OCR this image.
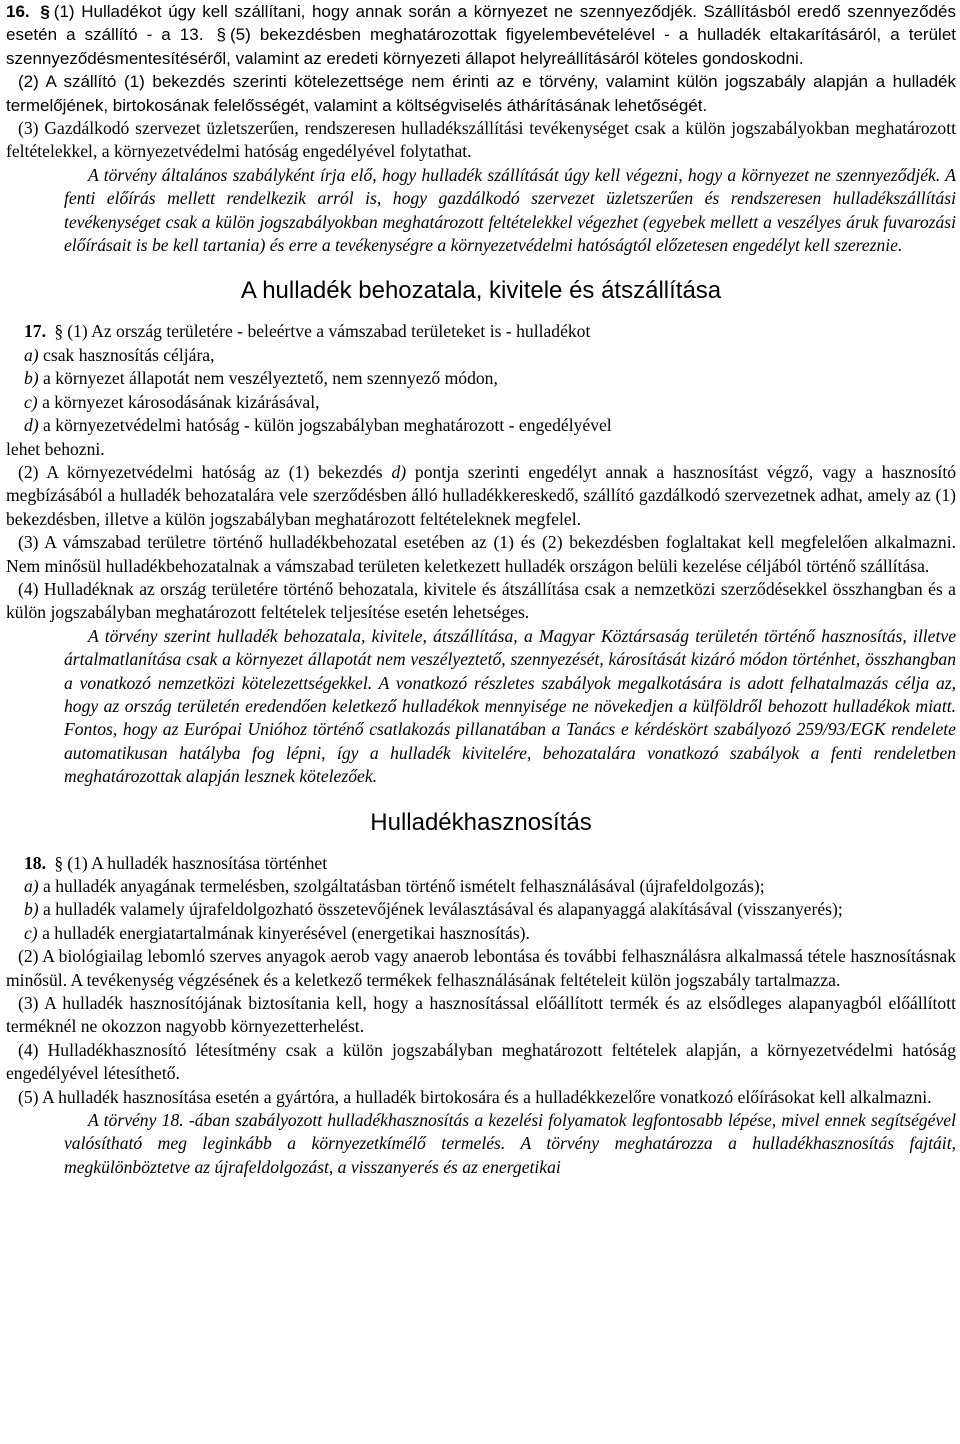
16. § (1) Hulladékot úgy kell szállítani, hogy annak során a környezet ne szennyeződjék. Szállításból eredő szennyeződés esetén a szállító - a 13. § (5) bekezdésben meghatározottak figyelembevételével - a hulladék eltakarításáról, a terület szennyeződésmentesítéséről, valamint az eredeti környezeti állapot helyreállításáról köteles gondoskodni.

(2) A szállító (1) bekezdés szerinti kötelezettsége nem érinti az e törvény, valamint külön jogszabály alapján a hulladék termelőjének, birtokosának felelősségét, valamint a költségviselés áthárításának lehetőségét.

(3) Gazdálkodó szervezet üzletszerűen, rendszeresen hulladékszállítási tevékenységet csak a külön jogszabályokban meghatározott feltételekkel, a környezetvédelmi hatóság engedélyével folytathat.

A törvény általános szabályként írja elő, hogy hulladék szállítását úgy kell végezni, hogy a környezet ne szennyeződjék. A fenti előírás mellett rendelkezik arról is, hogy gazdálkodó szervezet üzletszerűen és rendszeresen hulladékszállítási tevékenységet csak a külön jogszabályokban meghatározott feltételekkel végezhet (egyebek mellett a veszélyes áruk fuvarozási előírásait is be kell tartania) és erre a tevékenységre a környezetvédelmi hatóságtól előzetesen engedélyt kell szereznie.

A hulladék behozatala, kivitele és átszállítása

17. § (1) Az ország területére - beleértve a vámszabad területeket is - hulladékot

a) csak hasznosítás céljára,

b) a környezet állapotát nem veszélyeztető, nem szennyező módon,

c) a környezet károsodásának kizárásával,

d) a környezetvédelmi hatóság - külön jogszabályban meghatározott - engedélyével

lehet behozni.

(2) A környezetvédelmi hatóság az (1) bekezdés d) pontja szerinti engedélyt annak a hasznosítást végző, vagy a hasznosító megbízásából a hulladék behozatalára vele szerződésben álló hulladékkereskedő, szállító gazdálkodó szervezetnek adhat, amely az (1) bekezdésben, illetve a külön jogszabályban meghatározott feltételeknek megfelel.

(3) A vámszabad területre történő hulladékbehozatal esetében az (1) és (2) bekezdésben foglaltakat kell megfelelően alkalmazni. Nem minősül hulladékbehozatalnak a vámszabad területen keletkezett hulladék országon belüli kezelése céljából történő szállítása.

(4) Hulladéknak az ország területére történő behozatala, kivitele és átszállítása csak a nemzetközi szerződésekkel összhangban és a külön jogszabályban meghatározott feltételek teljesítése esetén lehetséges.

A törvény szerint hulladék behozatala, kivitele, átszállítása, a Magyar Köztársaság területén történő hasznosítás, illetve ártalmatlanítása csak a környezet állapotát nem veszélyeztető, szennyezését, károsítását kizáró módon történhet, összhangban a vonatkozó nemzetközi kötelezettségekkel. A vonatkozó részletes szabályok megalkotására is adott felhatalmazás célja az, hogy az ország területén eredendően keletkező hulladékok mennyisége ne növekedjen a külföldről behozott hulladékok miatt. Fontos, hogy az Európai Unióhoz történő csatlakozás pillanatában a Tanács e kérdéskört szabályozó 259/93/EGK rendelete automatikusan hatályba fog lépni, így a hulladék kivitelére, behozatalára vonatkozó szabályok a fenti rendeletben meghatározottak alapján lesznek kötelezőek.

Hulladékhasznosítás

18. § (1) A hulladék hasznosítása történhet

a) a hulladék anyagának termelésben, szolgáltatásban történő ismételt felhasználásával (újrafeldolgozás);

b) a hulladék valamely újrafeldolgozható összetevőjének leválasztásával és alapanyaggá alakításával (visszanyerés);

c) a hulladék energiatartalmának kinyerésével (energetikai hasznosítás).

(2) A biológiailag lebomló szerves anyagok aerob vagy anaerob lebontása és további felhasználásra alkalmassá tétele hasznosításnak minősül. A tevékenység végzésének és a keletkező termékek felhasználásának feltételeit külön jogszabály tartalmazza.

(3) A hulladék hasznosítójának biztosítania kell, hogy a hasznosítással előállított termék és az elsődleges alapanyagból előállított terméknél ne okozzon nagyobb környezetterhelést.

(4) Hulladékhasznosító létesítmény csak a külön jogszabályban meghatározott feltételek alapján, a környezetvédelmi hatóság engedélyével létesíthető.

(5) A hulladék hasznosítása esetén a gyártóra, a hulladék birtokosára és a hulladékkezelőre vonatkozó előírásokat kell alkalmazni.

A törvény 18. -ában szabályozott hulladékhasznosítás a kezelési folyamatok legfontosabb lépése, mivel ennek segítségével valósítható meg leginkább a környezetkímélő termelés. A törvény meghatározza a hulladékhasznosítás fajtáit, megkülönböztetve az újrafeldolgozást, a visszanyerés és az energetikai
